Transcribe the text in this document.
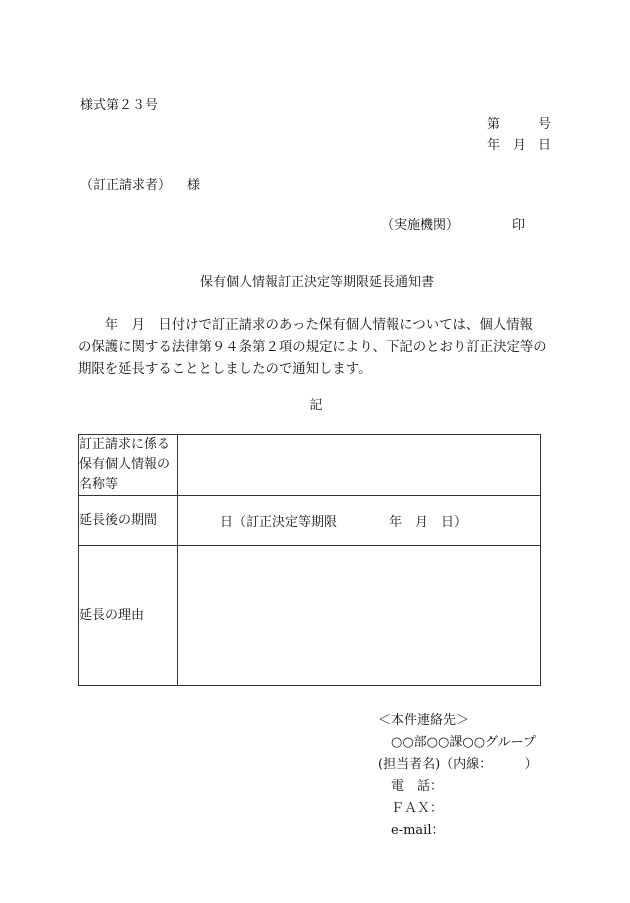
様式第２３号
第	号
年 月 日
（訂正請求者） 様
（実施機関）	印
保有個人情報訂正決定等期限延長通知書

　　年　月　日付けで訂正請求のあった保有個人情報については、個人情報

の保護に関する法律第９４条第２項の規定により、下記のとおり訂正決定等の

期限を延長することとしましたので通知します。

記
訂正請求に係る
保有個人情報の
名称等	

延長後の期間	日（訂正決定等期限　　　　年　月　日）
延長の理由	
＜本件連絡先＞
　○○部○○課○○グループ
(担当者名)（内線：　　　）
　電　話：
　ＦＡＸ：
　e-mail：
